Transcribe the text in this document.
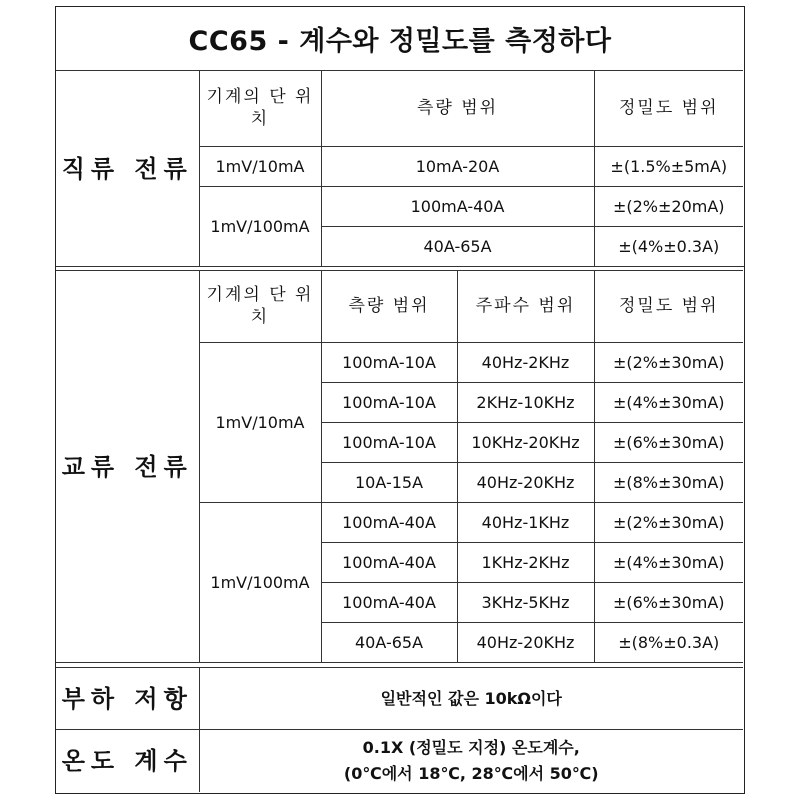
CC65 - 계수와 정밀도를 측정하다
직류 전류	기계의 단 위치	측량 범위	정밀도 범위
	1mV/10mA	10mA-20A	±(1.5%±5mA)
	1mV/100mA	100mA-40A	±(2%±20mA)
		40A-65A	±(4%±0.3A)
교류 전류	기계의 단 위치	측량 범위	주파수 범위	정밀도 범위
	1mV/10mA	100mA-10A	40Hz-2KHz	±(2%±30mA)
		100mA-10A	2KHz-10KHz	±(4%±30mA)
		100mA-10A	10KHz-20KHz	±(6%±30mA)
		10A-15A	40Hz-20KHz	±(8%±30mA)
	1mV/100mA	100mA-40A	40Hz-1KHz	±(2%±30mA)
		100mA-40A	1KHz-2KHz	±(4%±30mA)
		100mA-40A	3KHz-5KHz	±(6%±30mA)
		40A-65A	40Hz-20KHz	±(8%±0.3A)
부하 저항	일반적인 값은 10kΩ이다
온도 계수	0.1X (정밀도 지정) 온도계수,
(0℃에서 18℃, 28℃에서 50℃)
